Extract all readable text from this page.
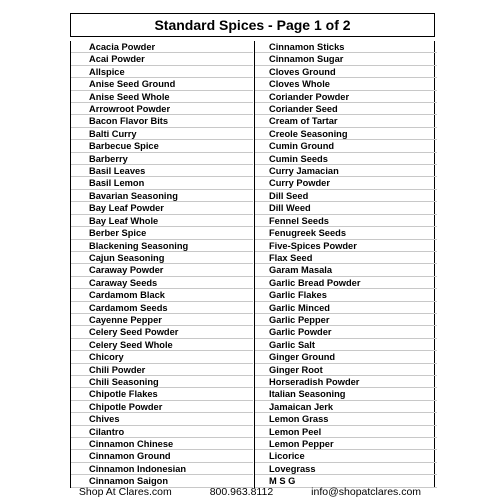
Standard Spices - Page 1 of 2
Acacia Powder
Acai Powder
Allspice
Anise Seed Ground
Anise Seed Whole
Arrowroot Powder
Bacon Flavor Bits
Balti Curry
Barbecue Spice
Barberry
Basil Leaves
Basil Lemon
Bavarian Seasoning
Bay Leaf Powder
Bay Leaf Whole
Berber Spice
Blackening Seasoning
Cajun Seasoning
Caraway Powder
Caraway Seeds
Cardamom Black
Cardamom Seeds
Cayenne Pepper
Celery Seed Powder
Celery Seed Whole
Chicory
Chili Powder
Chili Seasoning
Chipotle Flakes
Chipotle Powder
Chives
Cilantro
Cinnamon Chinese
Cinnamon Ground
Cinnamon Indonesian
Cinnamon Saigon
Cinnamon Sticks
Cinnamon Sugar
Cloves Ground
Cloves Whole
Coriander Powder
Coriander Seed
Cream of Tartar
Creole Seasoning
Cumin Ground
Cumin Seeds
Curry Jamacian
Curry Powder
Dill Seed
Dill Weed
Fennel Seeds
Fenugreek Seeds
Five-Spices Powder
Flax Seed
Garam Masala
Garlic Bread Powder
Garlic Flakes
Garlic Minced
Garlic Pepper
Garlic Powder
Garlic Salt
Ginger Ground
Ginger Root
Horseradish Powder
Italian Seasoning
Jamaican Jerk
Lemon Grass
Lemon Peel
Lemon Pepper
Licorice
Lovegrass
M S G
Shop At Clares.com	800.963.8112	info@shopatclares.com
